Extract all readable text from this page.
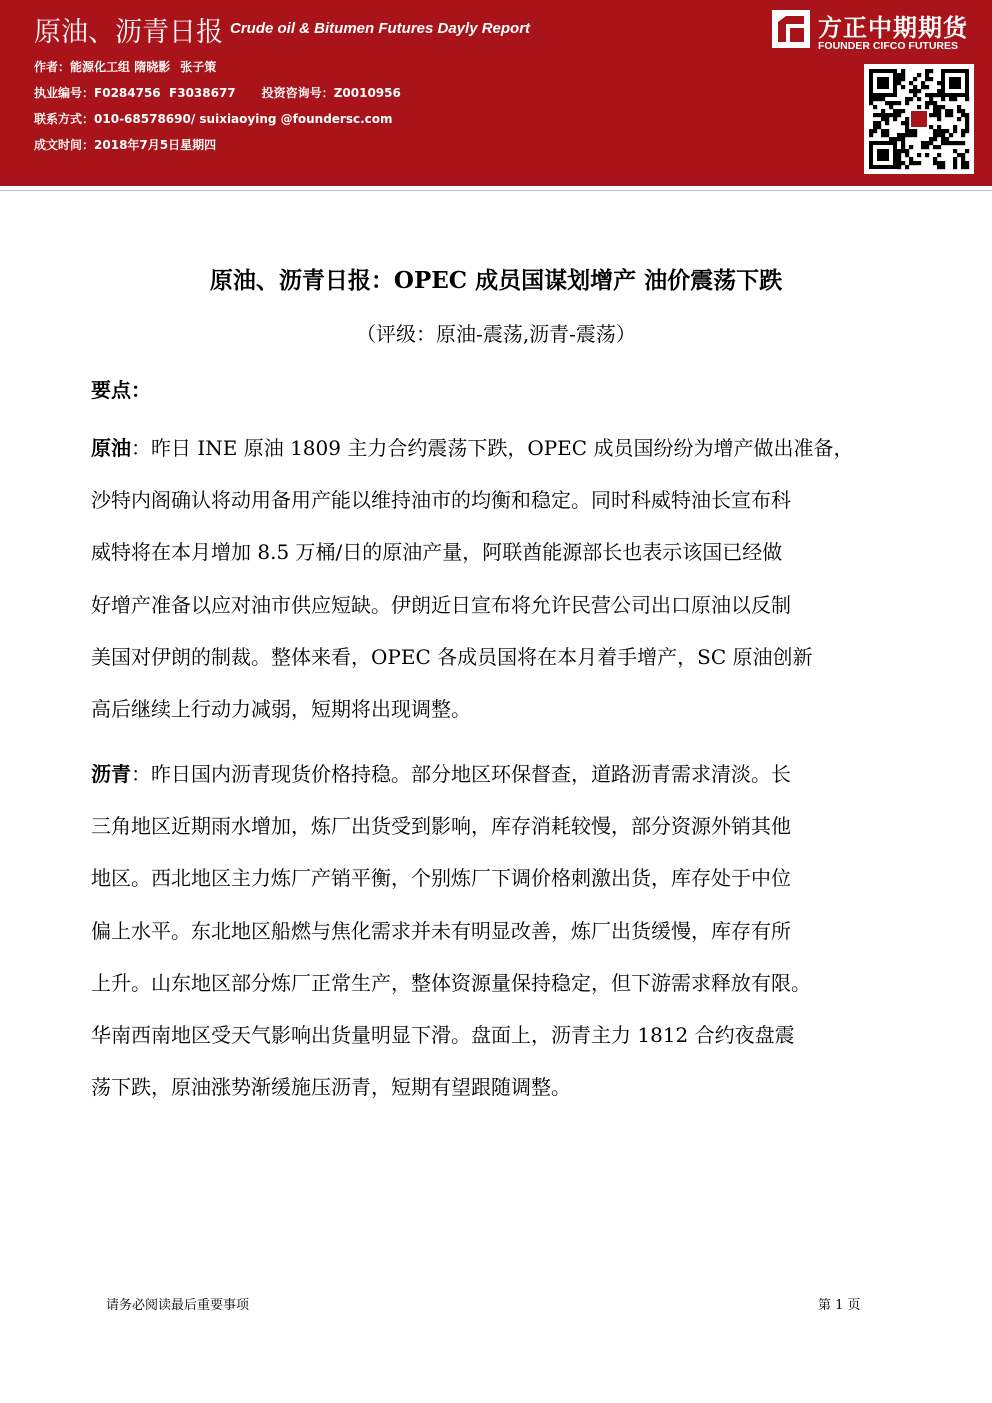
原油、沥青日报 Crude oil & Bitumen Futures Dayly Report
作者：能源化工组 隋晓影 张子策
执业编号：F0284756  F3038677 投资咨询号：Z0010956
联系方式：010-68578690/ suixiaoying @foundersc.com
成文时间：2018年7月5日星期四
方正中期期货
FOUNDER CIFCO FUTURES
原油、沥青日报：OPEC 成员国谋划增产 油价震荡下跌
（评级：原油-震荡,沥青-震荡）
要点：
原油：昨日 INE 原油 1809 主力合约震荡下跌，OPEC 成员国纷纷为增产做出准备，
沙特内阁确认将动用备用产能以维持油市的均衡和稳定。同时科威特油长宣布科
威特将在本月增加 8.5 万桶/日的原油产量，阿联酋能源部长也表示该国已经做
好增产准备以应对油市供应短缺。伊朗近日宣布将允许民营公司出口原油以反制
美国对伊朗的制裁。整体来看，OPEC 各成员国将在本月着手增产，SC 原油创新
高后继续上行动力减弱，短期将出现调整。
沥青：昨日国内沥青现货价格持稳。部分地区环保督查，道路沥青需求清淡。长
三角地区近期雨水增加，炼厂出货受到影响，库存消耗较慢，部分资源外销其他
地区。西北地区主力炼厂产销平衡，个别炼厂下调价格刺激出货，库存处于中位
偏上水平。东北地区船燃与焦化需求并未有明显改善，炼厂出货缓慢，库存有所
上升。山东地区部分炼厂正常生产，整体资源量保持稳定，但下游需求释放有限。
华南西南地区受天气影响出货量明显下滑。盘面上，沥青主力 1812 合约夜盘震
荡下跌，原油涨势渐缓施压沥青，短期有望跟随调整。
请务必阅读最后重要事项	第 1 页
